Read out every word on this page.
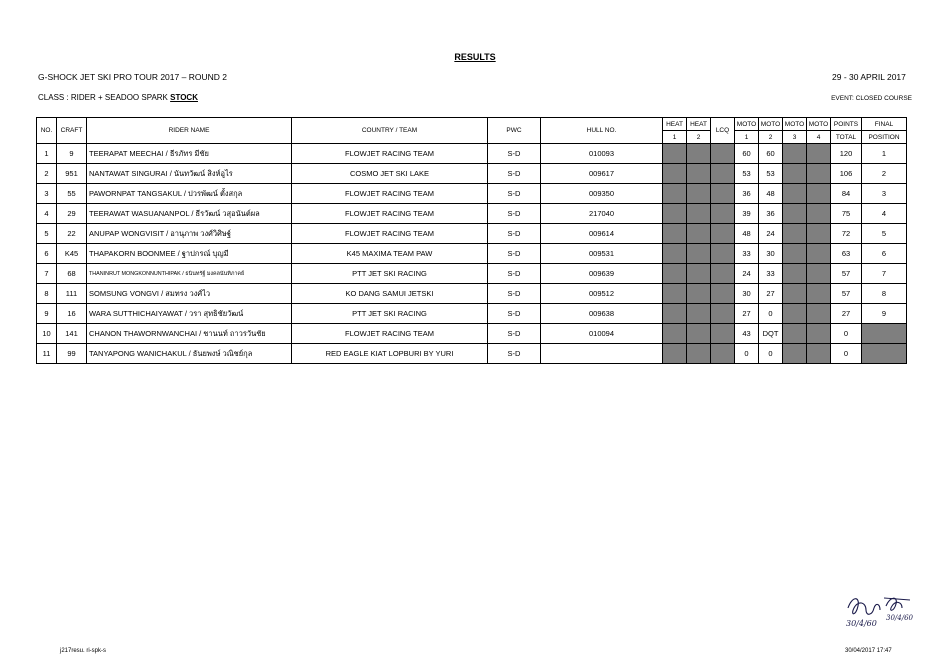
RESULTS
G-SHOCK JET SKI PRO TOUR 2017 – ROUND 2	29 - 30 APRIL 2017
CLASS : RIDER + SEADOO SPARK STOCK	EVENT: CLOSED COURSE
NO.	CRAFT	RIDER NAME	COUNTRY / TEAM	PWC	HULL NO.	HEAT	HEAT	LCQ	MOTO	MOTO	MOTO	MOTO	POINTS	FINAL
						1	2		1	2	3	4	TOTAL	POSITION
1	9	TEERAPAT MEECHAI / ธีรภัทร มีชัย	FLOWJET RACING TEAM	S-D	010093				60	60			120	1
2	951	NANTAWAT SINGURAI / นันทวัฒน์ สิงห์อูไร	COSMO JET SKI LAKE	S-D	009617				53	53			106	2
3	55	PAWORNPAT TANGSAKUL / ปวรพัฒน์ ตั้งสกุล	FLOWJET RACING TEAM	S-D	009350				36	48			84	3
4	29	TEERAWAT WASUANANPOL / ธีรวัฒน์ วสุอนันต์ผล	FLOWJET RACING TEAM	S-D	217040				39	36			75	4
5	22	ANUPAP WONGVISIT / อานุภาพ วงศ์วิศิษฐ์	FLOWJET RACING TEAM	S-D	009614				48	24			72	5
6	K45	THAPAKORN BOONMEE / ฐาปกรณ์ บุญมี	K45 MAXIMA TEAM PAW	S-D	009531				33	30			63	6
7	68	THANINRUT MONGKONNUNTHIPAK / ธนินทรัฐ์ มงคลนันทิภาคย์	PTT JET SKI RACING	S-D	009639				24	33			57	7
8	111	SOMSUNG VONGVI / สมทรง วงศ์ไว	KO DANG SAMUI JETSKI	S-D	009512				30	27			57	8
9	16	WARA SUTTHICHAIYAWAT / วรา สุทธิชัยวัฒน์	PTT JET SKI RACING	S-D	009638				27	0			27	9
10	141	CHANON THAWORNWANCHAI / ชานนท์ ถาวรวันชัย	FLOWJET RACING TEAM	S-D	010094				43	DQT			0	
11	99	TANYAPONG WANICHAKUL / ธันยพงษ์ วณิชย์กุล	RED EAGLE KIAT LOPBURI BY YURI	S-D					0	0			0	
30/4/60
30/4/60
j217resu. ri-spk-s	30/04/2017 17:47
